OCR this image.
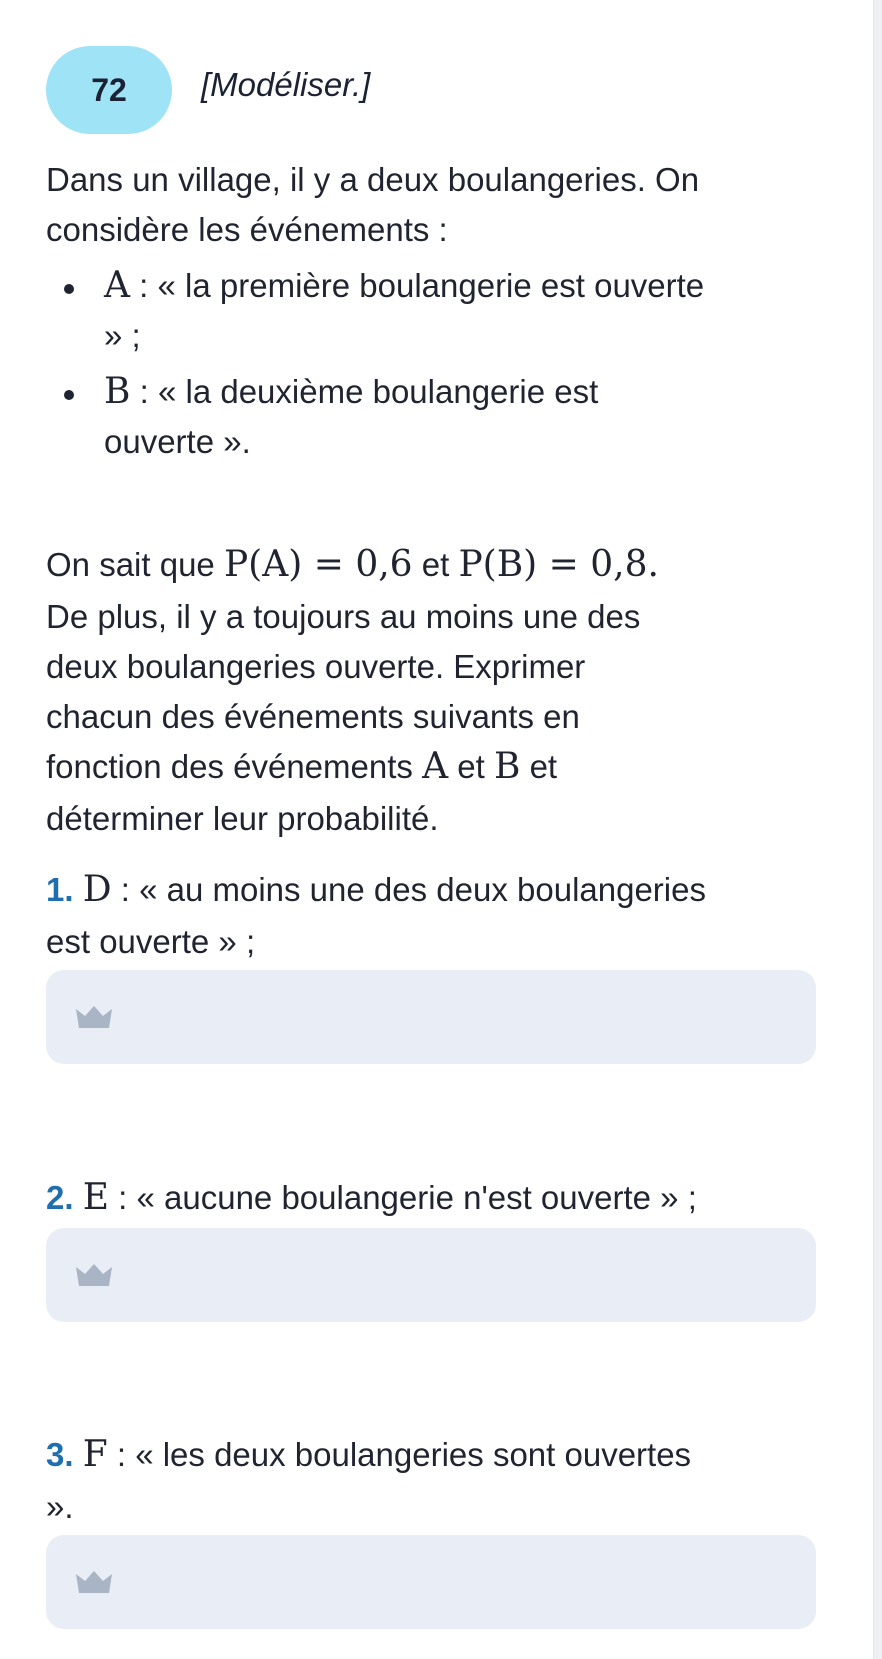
72	[Modéliser.]
Dans un village, il y a deux boulangeries. On
considère les événements :
A : « la première boulangerie est ouverte
» ;
B : « la deuxième boulangerie est
ouverte ».
On sait que P(A) = 0,6 et P(B) = 0,8.
De plus, il y a toujours au moins une des
deux boulangeries ouverte. Exprimer
chacun des événements suivants en
fonction des événements A et B et
déterminer leur probabilité.
1. D : « au moins une des deux boulangeries
est ouverte » ;
2. E : « aucune boulangerie n'est ouverte » ;
3. F : « les deux boulangeries sont ouvertes
».
